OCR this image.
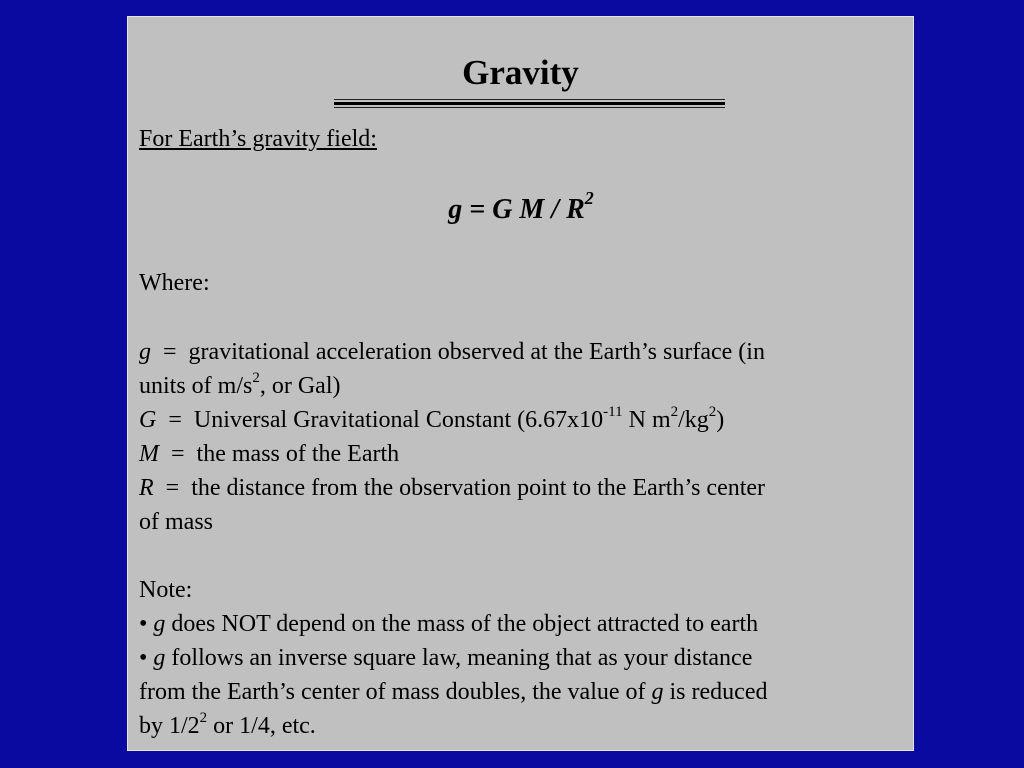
Gravity
For Earth’s gravity field:
g = G M / $R^2$
Where:
g = gravitational acceleration observed at the Earth’s surface (in
units of $m/s^2$, or Gal)
G = Universal Gravitational Constant ($6.67x10^{-11}$ N $m^2/kg^2$)
M = the mass of the Earth
R = the distance from the observation point to the Earth’s center
of mass
Note:
• g does NOT depend on the mass of the object attracted to earth
• g follows an inverse square law, meaning that as your distance
from the Earth’s center of mass doubles, the value of g is reduced
by $1/2^2$ or 1/4, etc.
